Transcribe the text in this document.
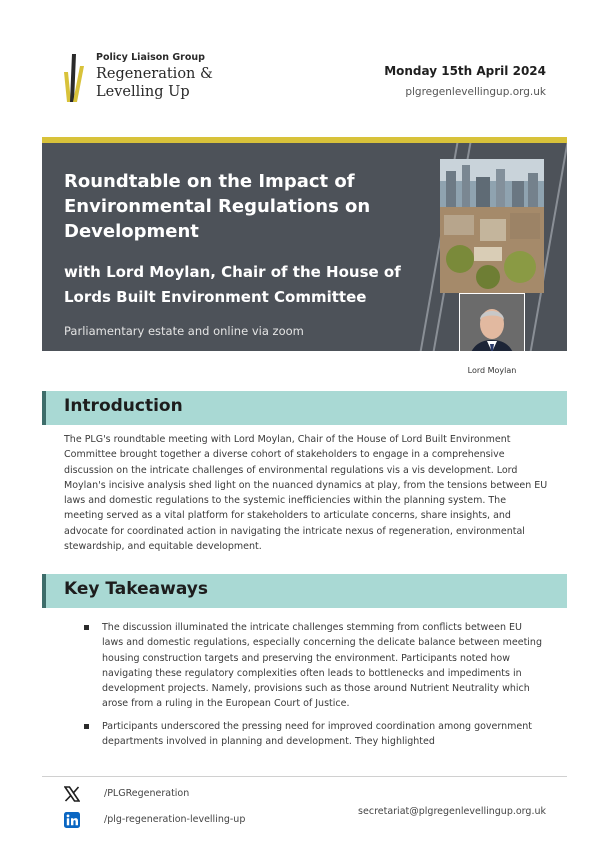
Policy Liaison Group
Regeneration &
Levelling Up
Monday 15th April 2024
plgregenlevellingup.org.uk
Roundtable on the Impact of Environmental Regulations on Development
with Lord Moylan, Chair of the House of Lords Built Environment Committee
Parliamentary estate and online via zoom
Lord Moylan
Introduction
The PLG's roundtable meeting with Lord Moylan, Chair of the House of Lord Built Environment Committee brought together a diverse cohort of stakeholders to engage in a comprehensive discussion on the intricate challenges of environmental regulations vis a vis development. Lord Moylan's incisive analysis shed light on the nuanced dynamics at play, from the tensions between EU laws and domestic regulations to the systemic inefficiencies within the planning system. The meeting served as a vital platform for stakeholders to articulate concerns, share insights, and advocate for coordinated action in navigating the intricate nexus of regeneration, environmental stewardship, and equitable development.
Key Takeaways
The discussion illuminated the intricate challenges stemming from conflicts between EU laws and domestic regulations, especially concerning the delicate balance between meeting housing construction targets and preserving the environment. Participants noted how navigating these regulatory complexities often leads to bottlenecks and impediments in development projects. Namely, provisions such as those around Nutrient Neutrality which arose from a ruling in the European Court of Justice.
Participants underscored the pressing need for improved coordination among government departments involved in planning and development. They highlighted
/PLGRegeneration
/plg-regeneration-levelling-up
secretariat@plgregenlevellingup.org.uk
